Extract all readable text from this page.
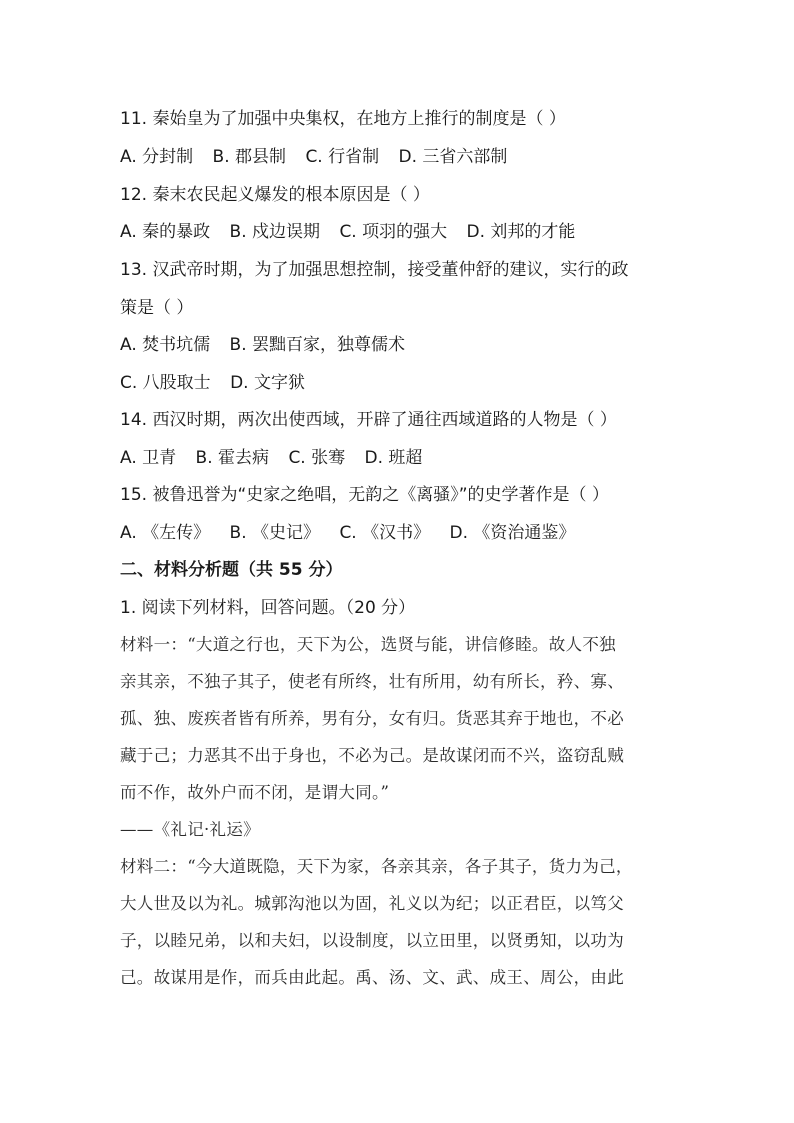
11. 秦始皇为了加强中央集权，在地方上推行的制度是（ ）
A. 分封制 B. 郡县制 C. 行省制 D. 三省六部制
12. 秦末农民起义爆发的根本原因是（ ）
A. 秦的暴政 B. 戍边误期 C. 项羽的强大 D. 刘邦的才能
13. 汉武帝时期，为了加强思想控制，接受董仲舒的建议，实行的政
策是（ ）
A. 焚书坑儒 B. 罢黜百家，独尊儒术
C. 八股取士 D. 文字狱
14. 西汉时期，两次出使西域，开辟了通往西域道路的人物是（ ）
A. 卫青 B. 霍去病 C. 张骞 D. 班超
15. 被鲁迅誉为“史家之绝唱，无韵之《离骚》”的史学著作是（ ）
A. 《左传》 B. 《史记》 C. 《汉书》 D. 《资治通鉴》
二、材料分析题（共 55 分）
1. 阅读下列材料，回答问题。（20 分）
材料一：“大道之行也，天下为公，选贤与能，讲信修睦。故人不独
亲其亲，不独子其子，使老有所终，壮有所用，幼有所长，矜、寡、
孤、独、废疾者皆有所养，男有分，女有归。货恶其弃于地也，不必
藏于己；力恶其不出于身也，不必为己。是故谋闭而不兴，盗窃乱贼
而不作，故外户而不闭，是谓大同。”
——《礼记·礼运》
材料二：“今大道既隐，天下为家，各亲其亲，各子其子，货力为己，
大人世及以为礼。城郭沟池以为固，礼义以为纪；以正君臣，以笃父
子，以睦兄弟，以和夫妇，以设制度，以立田里，以贤勇知，以功为
己。故谋用是作，而兵由此起。禹、汤、文、武、成王、周公，由此
